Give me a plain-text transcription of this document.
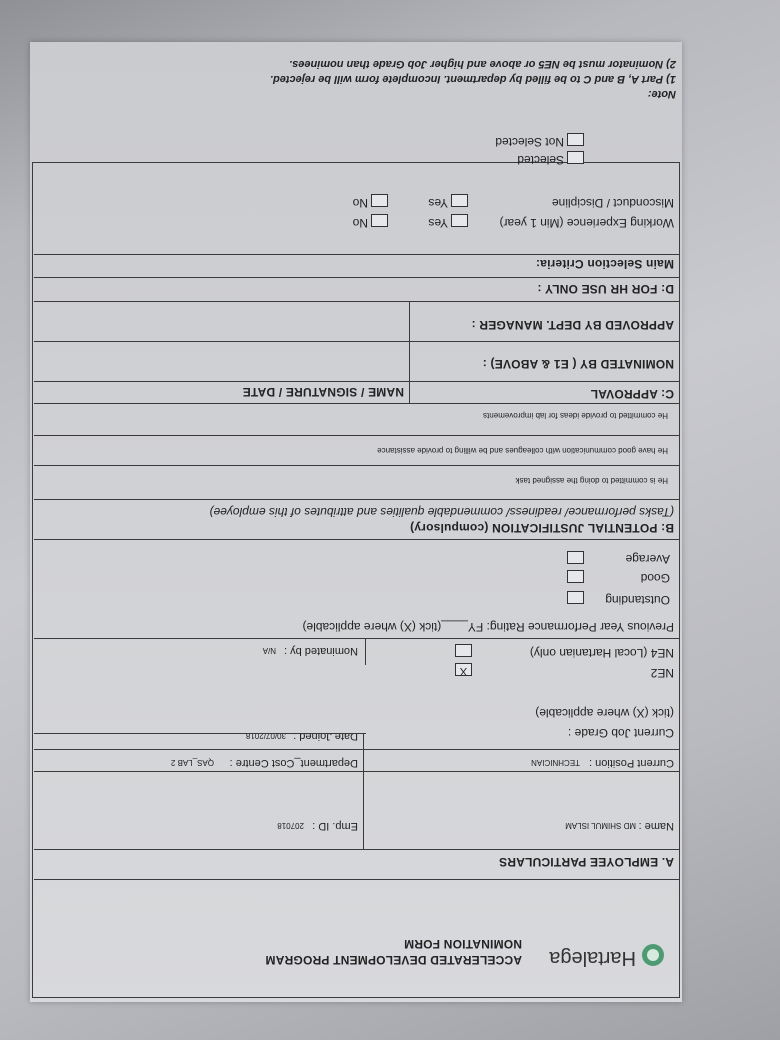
Hartalega
ACCELERATED DEVELOPMENT PROGRAM
NOMINATION FORM
A. EMPLOYEE PARTICULARS
Name :
MD SHIMUL ISLAM
Emp. ID :
207018
Current Position :
TECHNICIAN
Department_Cost Centre :
QAS_LAB 2
Current Job Grade :
Date Joined :
30/07/2018
(tick (X) where applicable)
NE2
X
NE4 (Local Hartanian only)
Nominated by :
N/A
Previous Year Performance Rating: FY____(tick (X) where applicable)
Outstanding
Good
Average
B: POTENTIAL JUSTIFICATION (compulsory)
(Tasks performance/ readiness/ commendable qualities and attributes of this employee)
He is committed to doing the assigned task
He have good communication with colleagues and be willing to provide assistance
He committed to provide ideas for lab improvements
C: APPROVAL
NAME / SIGNATURE / DATE
NOMINATED BY ( E1 & ABOVE) :
APPROVED BY DEPT. MANAGER :
D: FOR HR USE ONLY :
Main Selection Criteria:
Working Experience (Min 1 year)
Yes
No
Misconduct / Discipline
Yes
No
Selected
Not Selected
Note:
1) Part A, B and C to be filled by department. Incomplete form will be rejected.
2) Nominator must be NE5 or above and higher Job Grade than nominees.
